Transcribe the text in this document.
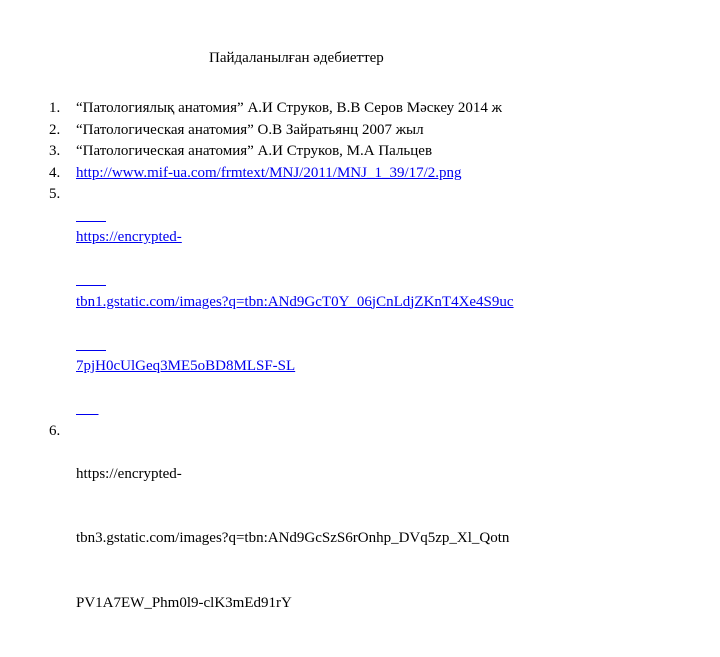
Пайдаланылған әдебиеттер
1.	“Патологиялық анатомия” А.И Струков, В.В Серов Мәскеу 2014 ж
2.	“Патологическая анатомия” О.В Зайратьянц 2007 жыл
3.	“Патологическая анатомия” А.И Струков, М.А Пальцев
4.	http://www.mif-ua.com/frmtext/MNJ/2011/MNJ_1_39/17/2.png
5.

https://encrypted-

tbn1.gstatic.com/images?q=tbn:ANd9GcT0Y_06jCnLdjZKnT4Xe4S9uc

7pjH0cUlGeq3ME5oBD8MLSF-SL

6.

https://encrypted-

tbn3.gstatic.com/images?q=tbn:ANd9GcSzS6rOnhp_DVq5zp_Xl_Qotn

PV1A7EW_Phm0l9-clK3mEd91rY
